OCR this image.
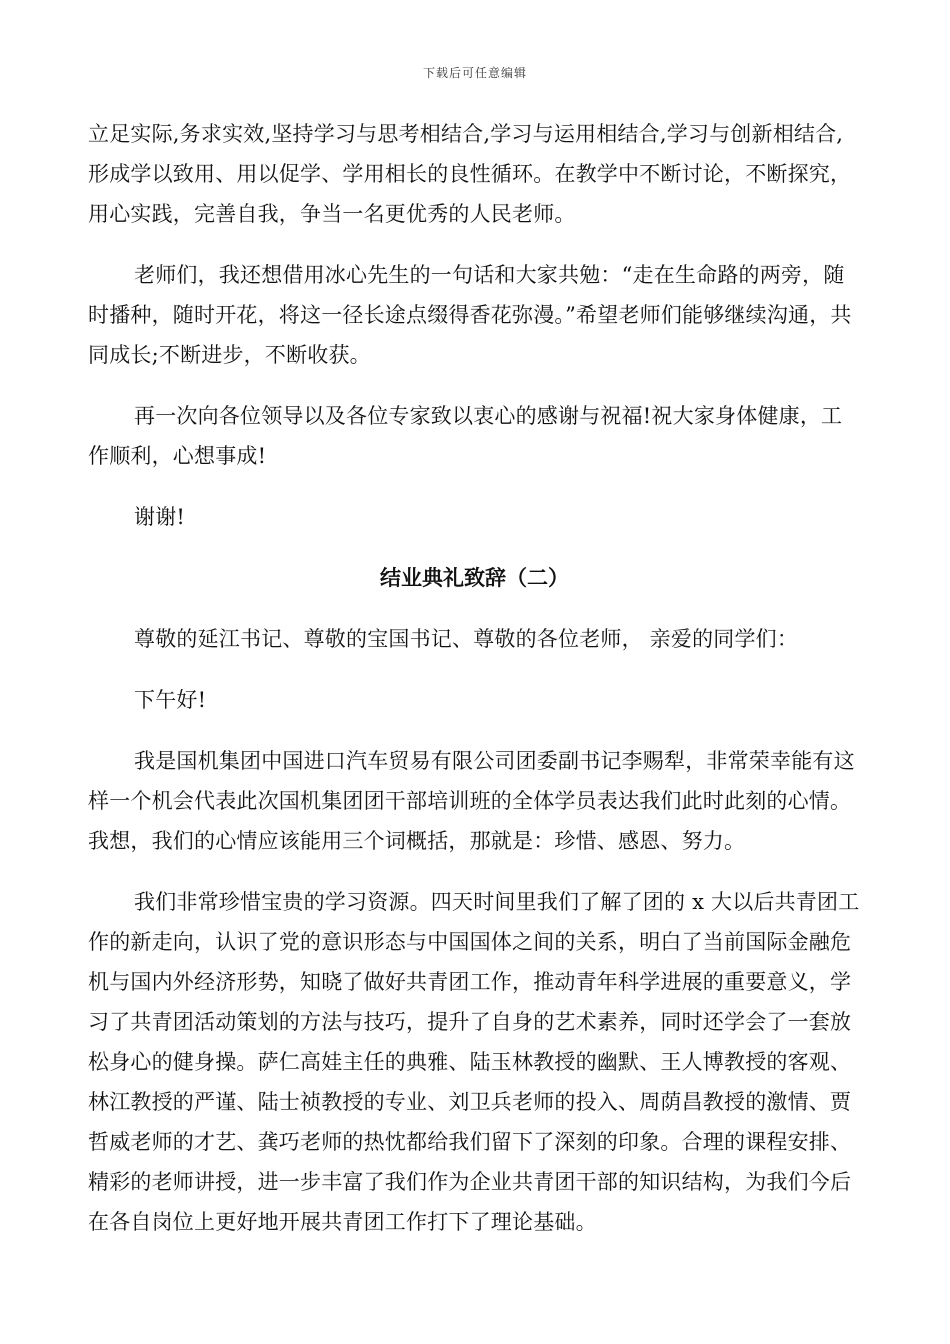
下载后可任意编辑

立足实际,务求实效,坚持学习与思考相结合,学习与运用相结合,学习与创新相结合,形成学以致用、用以促学、学用相长的良性循环。在教学中不断讨论，不断探究，用心实践，完善自我，争当一名更优秀的人民老师。

老师们，我还想借用冰心先生的一句话和大家共勉：“走在生命路的两旁，随时播种，随时开花，将这一径长途点缀得香花弥漫。”希望老师们能够继续沟通，共同成长;不断进步，不断收获。

再一次向各位领导以及各位专家致以衷心的感谢与祝福!祝大家身体健康，工作顺利，心想事成!

谢谢!

结业典礼致辞（二）

尊敬的延江书记、尊敬的宝国书记、尊敬的各位老师， 亲爱的同学们：

下午好!

我是国机集团中国进口汽车贸易有限公司团委副书记李赐犁，非常荣幸能有这样一个机会代表此次国机集团团干部培训班的全体学员表达我们此时此刻的心情。我想，我们的心情应该能用三个词概括，那就是：珍惜、感恩、努力。

我们非常珍惜宝贵的学习资源。四天时间里我们了解了团的 x 大以后共青团工作的新走向，认识了党的意识形态与中国国体之间的关系，明白了当前国际金融危机与国内外经济形势，知晓了做好共青团工作，推动青年科学进展的重要意义，学习了共青团活动策划的方法与技巧，提升了自身的艺术素养，同时还学会了一套放松身心的健身操。萨仁高娃主任的典雅、陆玉林教授的幽默、王人博教授的客观、林江教授的严谨、陆士祯教授的专业、刘卫兵老师的投入、周荫昌教授的激情、贾哲威老师的才艺、龚巧老师的热忱都给我们留下了深刻的印象。合理的课程安排、精彩的老师讲授，进一步丰富了我们作为企业共青团干部的知识结构，为我们今后在各自岗位上更好地开展共青团工作打下了理论基础。
